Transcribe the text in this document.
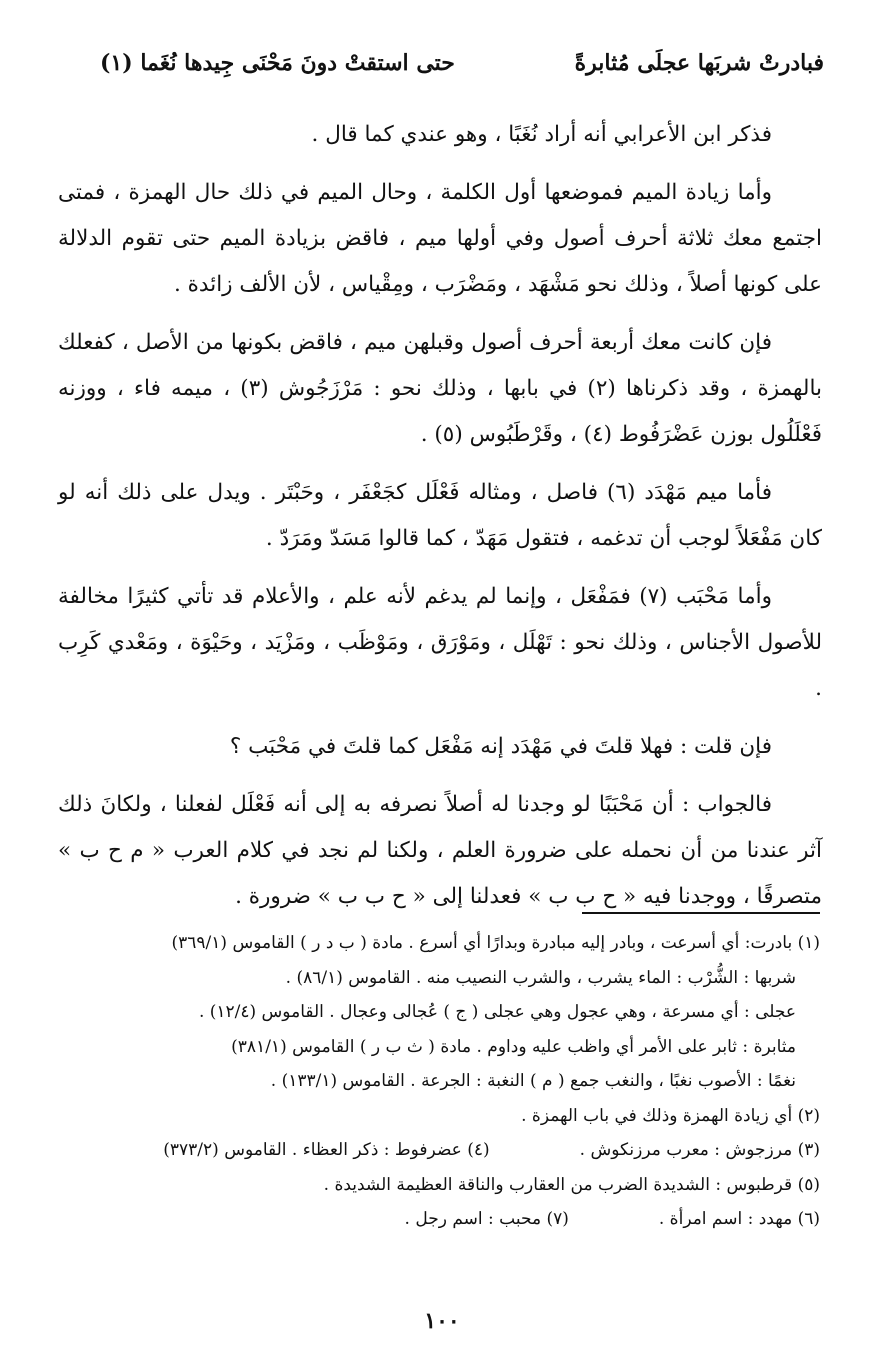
فبادرتْ شربَها عجلَى مُثابرةً
حتى استقتْ دونَ مَحْنَى جِيدها نُغَما (١)

فذكر ابن الأعرابي أنه أراد نُغَبًا ، وهو عندي كما قال .

وأما زيادة الميم فموضعها أول الكلمة ، وحال الميم في ذلك حال الهمزة ، فمتى اجتمع معك ثلاثة أحرف أصول وفي أولها ميم ، فاقض بزيادة الميم حتى تقوم الدلالة على كونها أصلاً ، وذلك نحو مَشْهَد ، ومَضْرَب ، ومِقْياس ، لأن الألف زائدة .

فإن كانت معك أربعة أحرف أصول وقبلهن ميم ، فاقض بكونها من الأصل ، كفعلك بالهمزة ، وقد ذكرناها (٢) في بابها ، وذلك نحو : مَرْزَجُوش (٣) ، ميمه فاء ، ووزنه فَعْلَلُول بوزن عَضْرَفُوط (٤) ، وقَرْطَبُوس (٥) .

فأما ميم مَهْدَد (٦) فاصل ، ومثاله فَعْلَل كجَعْفَر ، وحَبْتَر . ويدل على ذلك أنه لو كان مَفْعَلاً لوجب أن تدغمه ، فتقول مَهَدّ ، كما قالوا مَسَدّ ومَرَدّ .

وأما مَحْبَب (٧) فمَفْعَل ، وإنما لم يدغم لأنه علم ، والأعلام قد تأتي كثيرًا مخالفة للأصول الأجناس ، وذلك نحو : تَهْلَل ، ومَوْرَق ، ومَوْظَب ، ومَزْيَد ، وحَيْوَة ، ومَعْدي كَرِب .

فإن قلت : فهلا قلتَ في مَهْدَد إنه مَفْعَل كما قلتَ في مَحْبَب ؟

فالجواب : أن مَحْبَبًا لو وجدنا له أصلاً نصرفه به إلى أنه فَعْلَل لفعلنا ، ولكانَ ذلك آثر عندنا من أن نحمله على ضرورة العلم ، ولكنا لم نجد في كلام العرب « م ح ب » متصرفًا ، ووجدنا فيه « ح ب ب » فعدلنا إلى « ح ب ب » ضرورة .

(١) بادرت: أي أسرعت ، وبادر إليه مبادرة وبدارًا أي أسرع . مادة ( ب د ر ) القاموس (٣٦٩/١)
شربها : الشُّرْب : الماء يشرب ، والشرب النصيب منه . القاموس (٨٦/١) .
عجلى : أي مسرعة ، وهي عجول وهي عجلى ( ج ) عُجالى وعجال . القاموس (١٢/٤) .
مثابرة : ثابر على الأمر أي واظب عليه وداوم . مادة ( ث ب ر ) القاموس (٣٨١/١)
نغمًا : الأصوب نغبًا ، والنغب جمع ( م ) النغبة : الجرعة . القاموس (١٣٣/١) .
(٢) أي زيادة الهمزة وذلك في باب الهمزة .
(٣) مرزجوش : معرب مرزنكوش .
(٤) عضرفوط : ذكر العظاء . القاموس (٣٧٣/٢)
(٥) قرطبوس : الشديدة الضرب من العقارب والناقة العظيمة الشديدة .
(٦) مهدد : اسم امرأة .
(٧) محبب : اسم رجل .
١٠٠
